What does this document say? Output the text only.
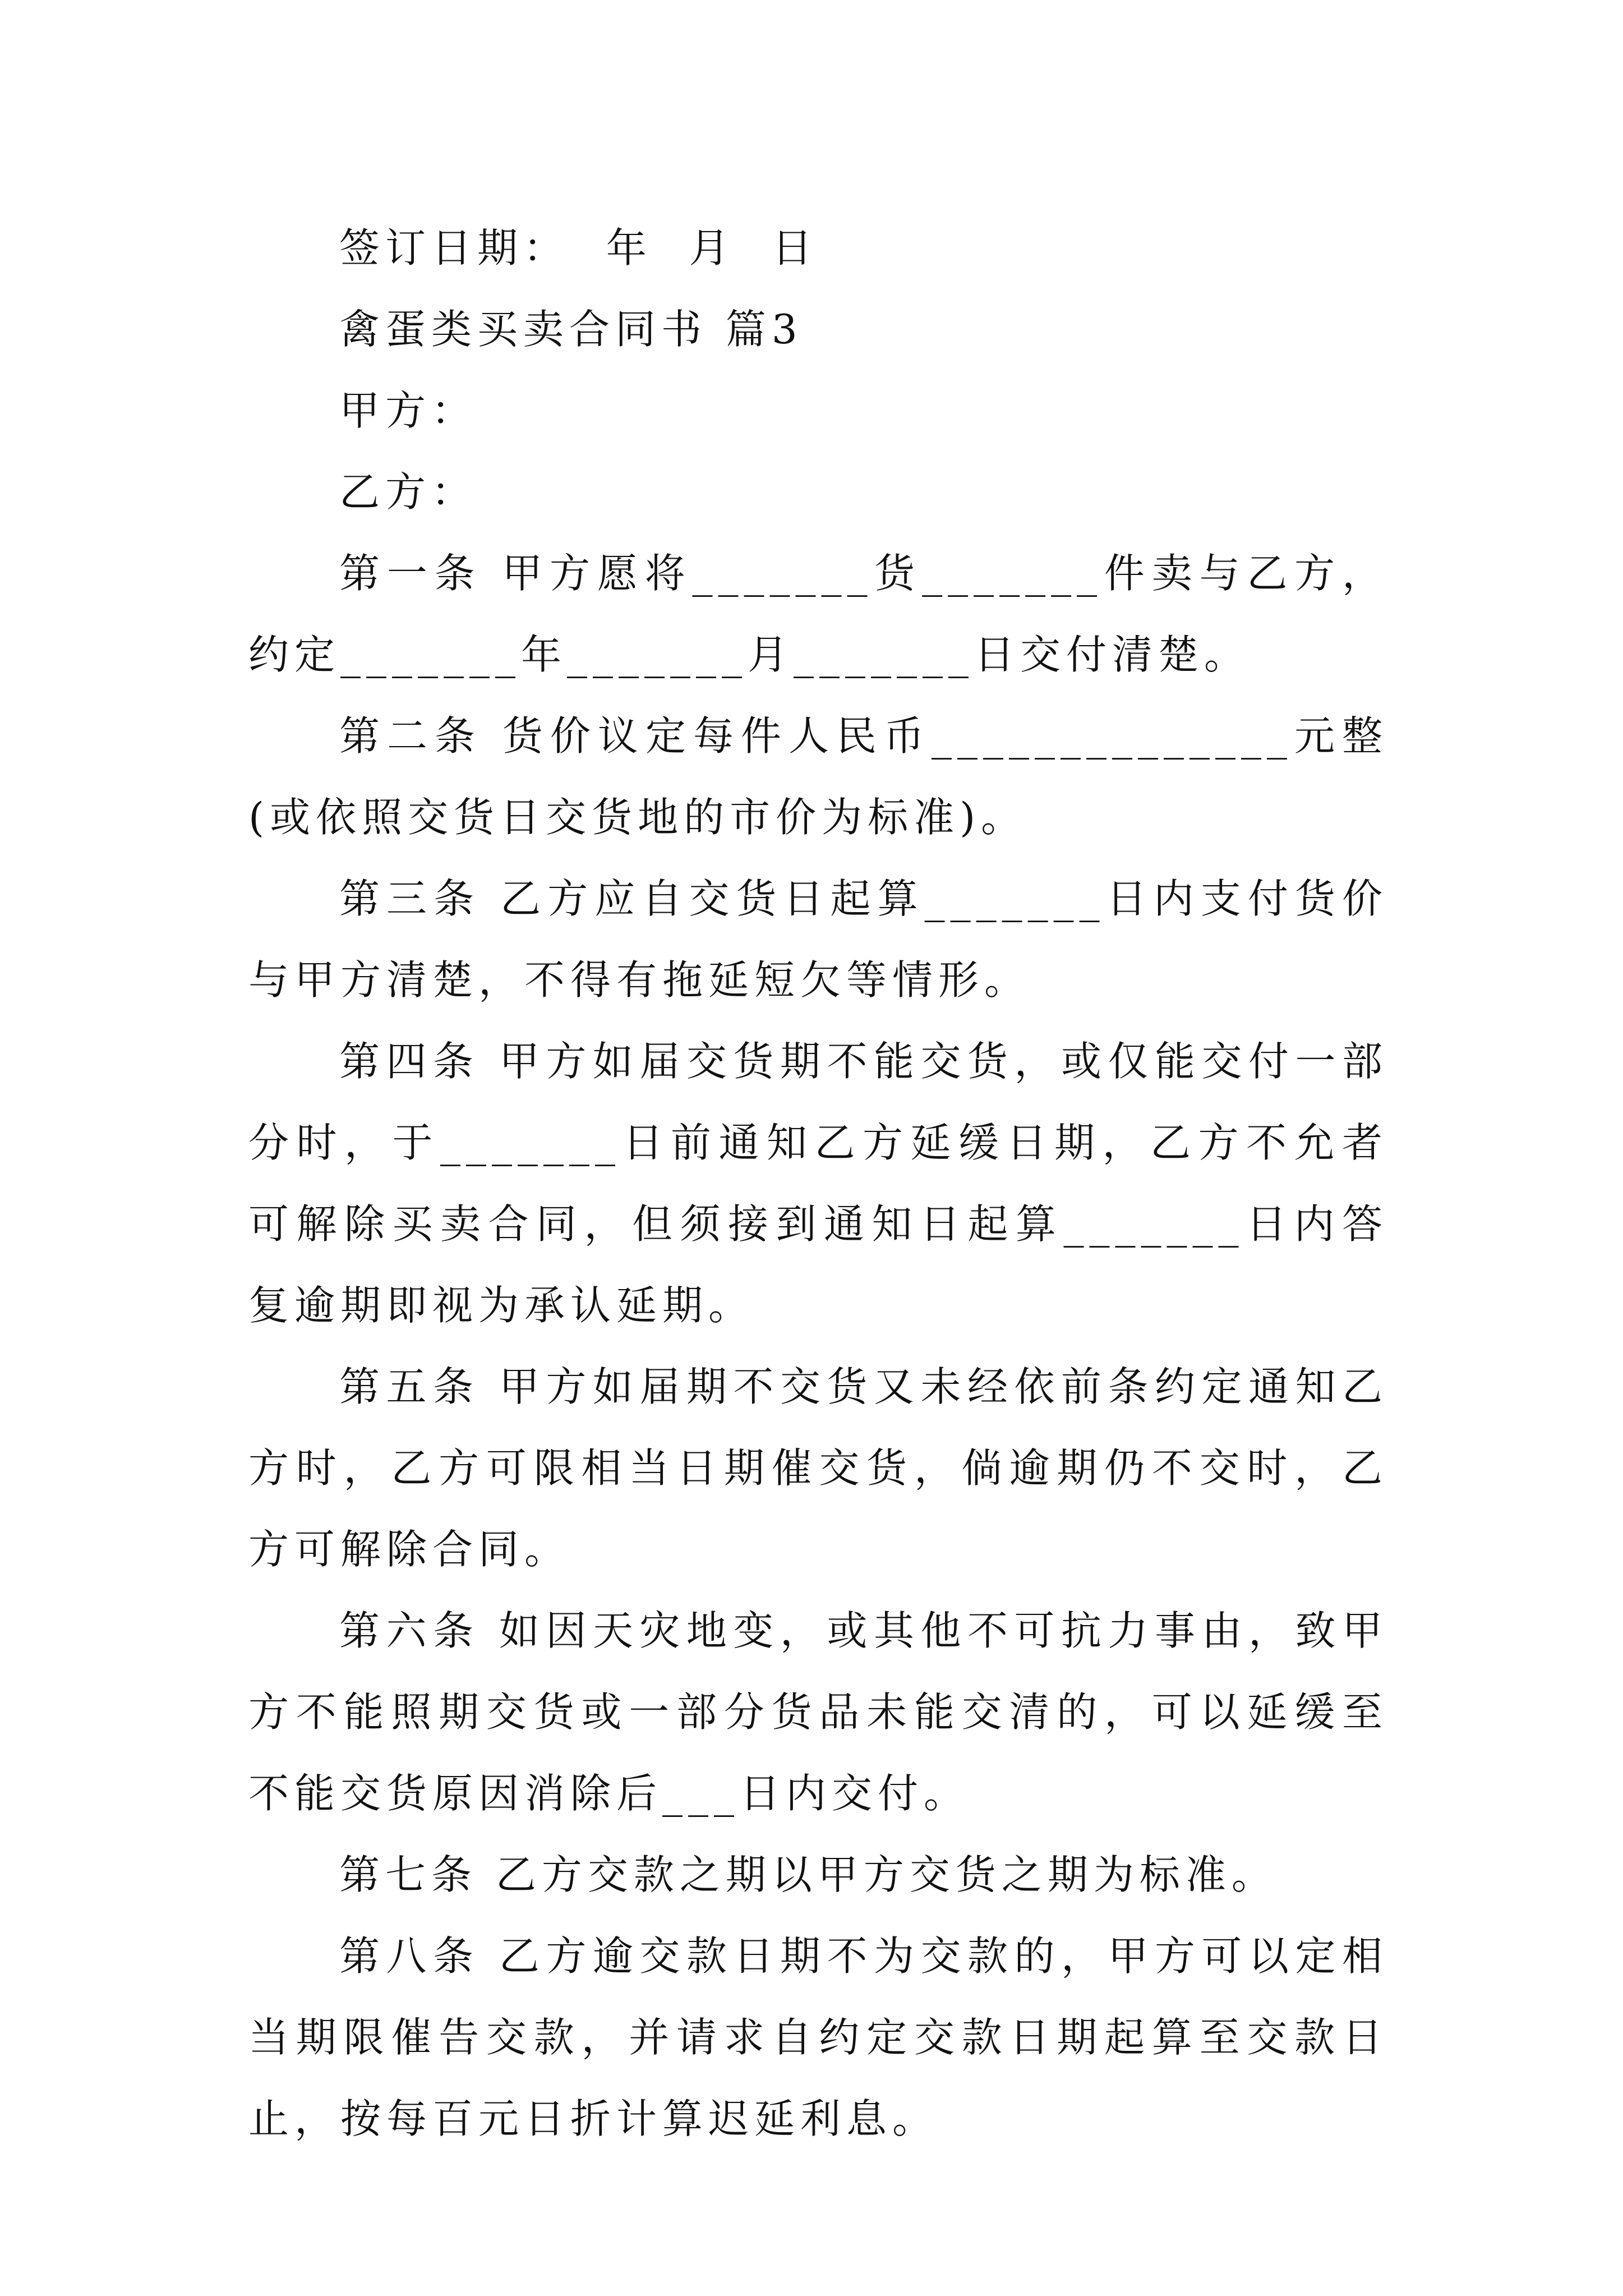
签订日期：  年  月  日

禽蛋类买卖合同书 篇3

甲方：

乙方：

第一条 甲方愿将_______货_______件卖与乙方，约定_______年_______月_______日交付清楚。

第二条 货价议定每件人民币______________元整(或依照交货日交货地的市价为标准)。

第三条 乙方应自交货日起算_______日内支付货价与甲方清楚，不得有拖延短欠等情形。

第四条 甲方如届交货期不能交货，或仅能交付一部分时，于_______日前通知乙方延缓日期，乙方不允者可解除买卖合同，但须接到通知日起算_______日内答复逾期即视为承认延期。

第五条 甲方如届期不交货又未经依前条约定通知乙方时，乙方可限相当日期催交货，倘逾期仍不交时，乙方可解除合同。

第六条 如因天灾地变，或其他不可抗力事由，致甲方不能照期交货或一部分货品未能交清的，可以延缓至不能交货原因消除后___日内交付。

第七条 乙方交款之期以甲方交货之期为标准。

第八条 乙方逾交款日期不为交款的，甲方可以定相当期限催告交款，并请求自约定交款日期起算至交款日止，按每百元日折计算迟延利息。
